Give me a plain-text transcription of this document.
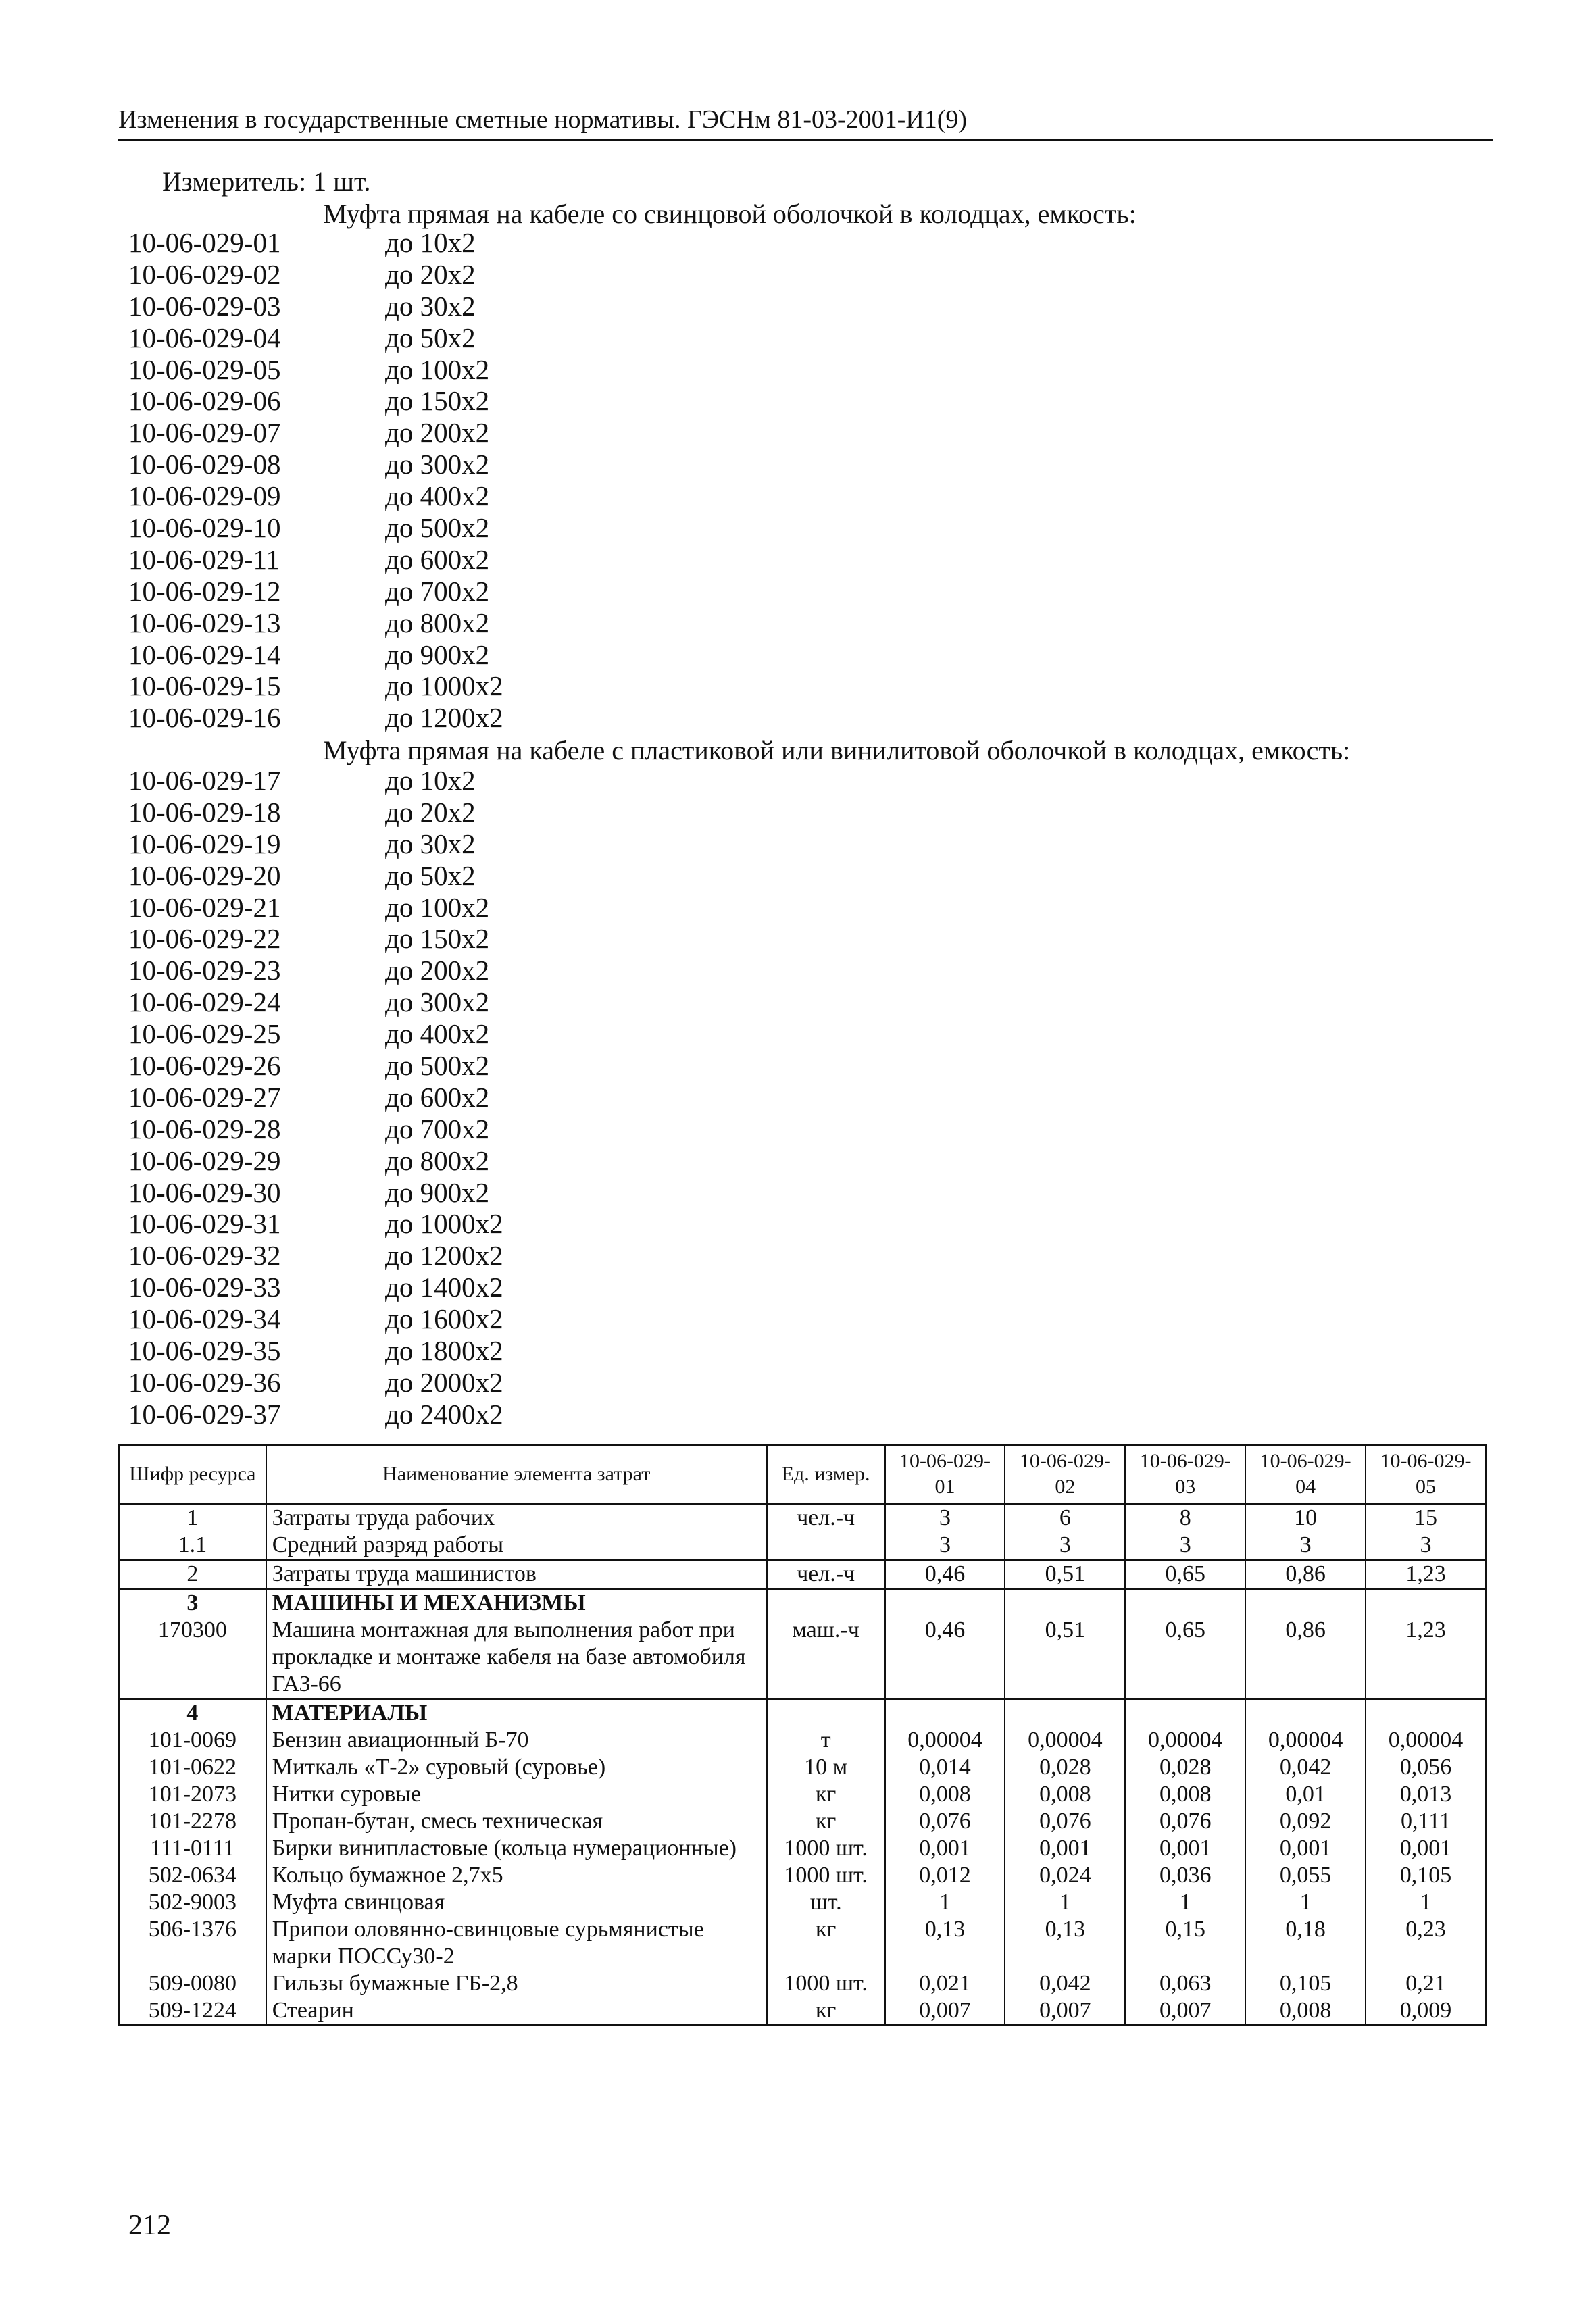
Изменения в государственные сметные нормативы. ГЭСНм 81-03-2001-И1(9)
Измеритель: 1 шт.
Муфта прямая на кабеле со свинцовой оболочкой в колодцах, емкость:
10-06-029-01	до 10x2
10-06-029-02	до 20x2
10-06-029-03	до 30x2
10-06-029-04	до 50x2
10-06-029-05	до 100x2
10-06-029-06	до 150x2
10-06-029-07	до 200x2
10-06-029-08	до 300x2
10-06-029-09	до 400x2
10-06-029-10	до 500x2
10-06-029-11	до 600x2
10-06-029-12	до 700x2
10-06-029-13	до 800x2
10-06-029-14	до 900x2
10-06-029-15	до 1000x2
10-06-029-16	до 1200x2
Муфта прямая на кабеле с пластиковой или винилитовой оболочкой в колодцах, емкость:
10-06-029-17	до 10x2
10-06-029-18	до 20x2
10-06-029-19	до 30x2
10-06-029-20	до 50x2
10-06-029-21	до 100x2
10-06-029-22	до 150x2
10-06-029-23	до 200x2
10-06-029-24	до 300x2
10-06-029-25	до 400x2
10-06-029-26	до 500x2
10-06-029-27	до 600x2
10-06-029-28	до 700x2
10-06-029-29	до 800x2
10-06-029-30	до 900x2
10-06-029-31	до 1000x2
10-06-029-32	до 1200x2
10-06-029-33	до 1400x2
10-06-029-34	до 1600x2
10-06-029-35	до 1800x2
10-06-029-36	до 2000x2
10-06-029-37	до 2400x2
Шифр ресурса	Наименование элемента затрат	Ед. измер.	10-06-029-01	10-06-029-02	10-06-029-03	10-06-029-04	10-06-029-05
1	Затраты труда рабочих	чел.-ч	3	6	8	10	15
1.1	Средний разряд работы		3	3	3	3	3
2	Затраты труда машинистов	чел.-ч	0,46	0,51	0,65	0,86	1,23
3	МАШИНЫ И МЕХАНИЗМЫ						
170300	Машина монтажная для выполнения работ при прокладке и монтаже кабеля на базе автомобиля ГАЗ-66	маш.-ч	0,46	0,51	0,65	0,86	1,23
4	МАТЕРИАЛЫ						
101-0069	Бензин авиационный Б-70	т	0,00004	0,00004	0,00004	0,00004	0,00004
101-0622	Миткаль «Т-2» суровый (суровье)	10 м	0,014	0,028	0,028	0,042	0,056
101-2073	Нитки суровые	кг	0,008	0,008	0,008	0,01	0,013
101-2278	Пропан-бутан, смесь техническая	кг	0,076	0,076	0,076	0,092	0,111
111-0111	Бирки винипластовые (кольца нумерационные)	1000 шт.	0,001	0,001	0,001	0,001	0,001
502-0634	Кольцо бумажное 2,7x5	1000 шт.	0,012	0,024	0,036	0,055	0,105
502-9003	Муфта свинцовая	шт.	1	1	1	1	1
506-1376	Припои оловянно-свинцовые сурьмянистые марки ПОССу30-2	кг	0,13	0,13	0,15	0,18	0,23
509-0080	Гильзы бумажные ГБ-2,8	1000 шт.	0,021	0,042	0,063	0,105	0,21
509-1224	Стеарин	кг	0,007	0,007	0,007	0,008	0,009
212
